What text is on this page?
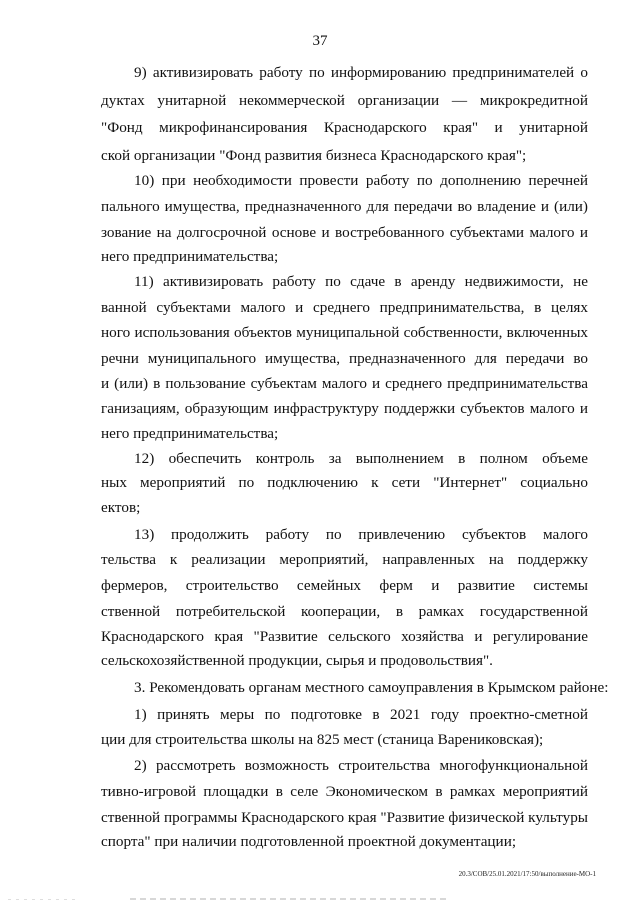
37
9) активизировать работу по информированию предпринимателей о
дуктах унитарной некоммерческой организации — микрокредитной
"Фонд микрофинансирования Краснодарского края" и унитарной
ской организации "Фонд развития бизнеса Краснодарского края";
10) при необходимости провести работу по дополнению перечней
пального имущества, предназначенного для передачи во владение и (или)
зование на долгосрочной основе и востребованного субъектами малого и
него предпринимательства;
11) активизировать работу по сдаче в аренду недвижимости, не
ванной субъектами малого и среднего предпринимательства, в целях
ного использования объектов муниципальной собственности, включенных
речни муниципального имущества, предназначенного для передачи во
и (или) в пользование субъектам малого и среднего предпринимательства
ганизациям, образующим инфраструктуру поддержки субъектов малого и
него предпринимательства;
12) обеспечить контроль за выполнением в полном объеме
ных мероприятий по подключению к сети "Интернет" социально
ектов;
13) продолжить работу по привлечению субъектов малого
тельства к реализации мероприятий, направленных на поддержку
фермеров, строительство семейных ферм и развитие системы
ственной потребительской кооперации, в рамках государственной
Краснодарского края "Развитие сельского хозяйства и регулирование
сельскохозяйственной продукции, сырья и продовольствия".
3. Рекомендовать органам местного самоуправления в Крымском районе:
1) принять меры по подготовке в 2021 году проектно-сметной
ции для строительства школы на 825 мест (станица Варениковская);
2) рассмотреть возможность строительства многофункциональной
тивно-игровой площадки в селе Экономическом в рамках мероприятий
ственной программы Краснодарского края "Развитие физической культуры
спорта" при наличии подготовленной проектной документации;
20.3/СОВ/25.01.2021/17:50/выполнение-МО-1
